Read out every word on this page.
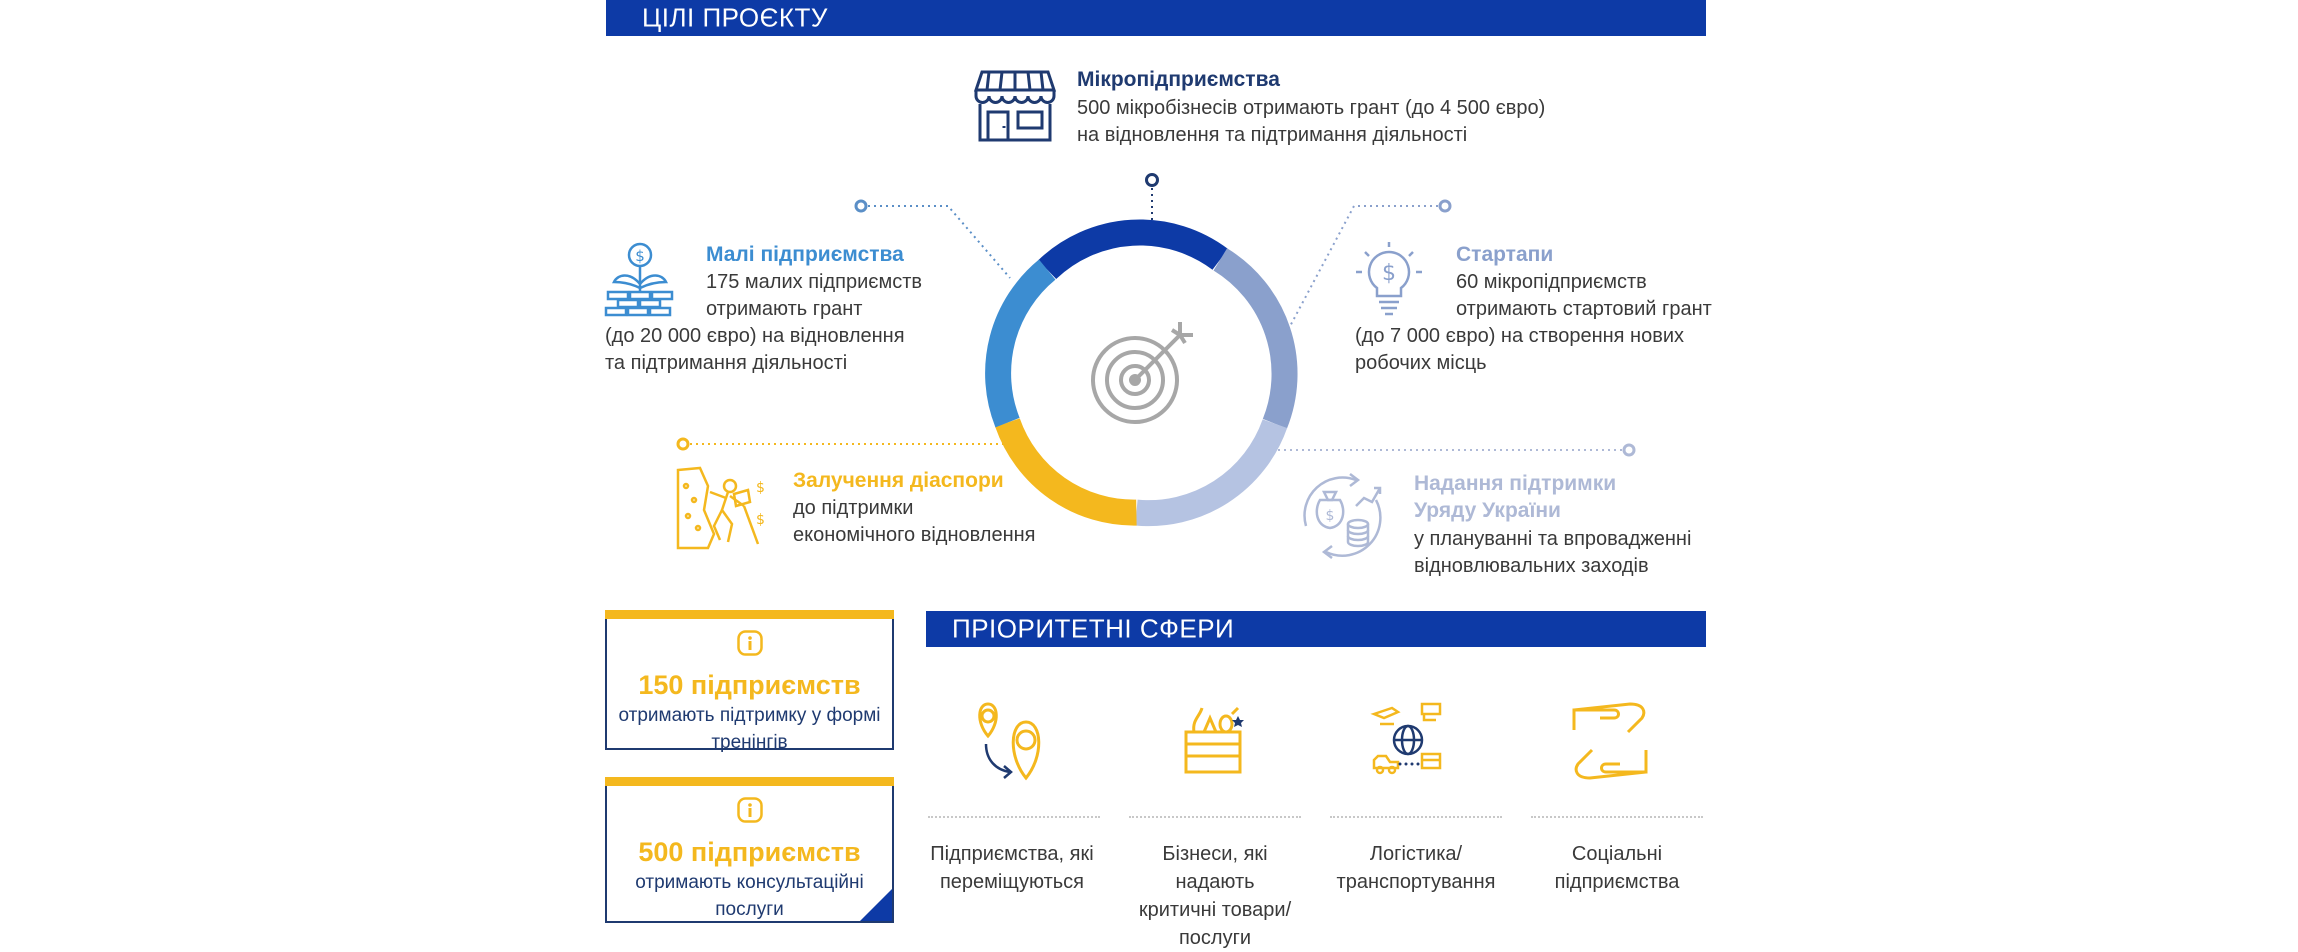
ЦІЛІ ПРОЄКТУ
Мікропідприємства
500 мікробізнесів отримають грант (до 4 500 євро)
на відновлення та підтримання діяльності
$	Малі підприємства
175 малих підприємств
отримають грант
(до 20 000 євро) на відновлення
та підтримання діяльності
$
Стартапи
60 мікропідприємств
отримають стартовий грант
(до 7 000 євро) на створення нових
робочих місць
$
$
Залучення діаспори
до підтримки
економічного відновлення
$
Надання підтримки
Уряду України
у плануванні та впровадженні
відновлювальних заходів
150 підприємств
отримають підтримку у формі
тренінгів
500 підприємств
отримають консультаційні
послуги
ПРІОРИТЕТНІ СФЕРИ
Підприємства, які
переміщуються
Бізнеси, які надають
критичні товари/
послуги
Логістика/
транспортування
Соціальні
підприємства
